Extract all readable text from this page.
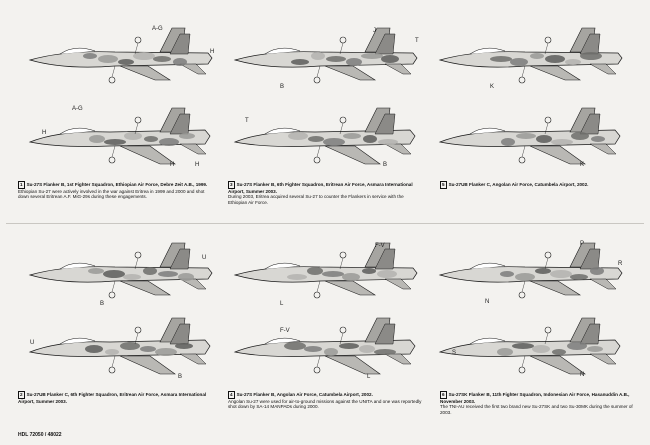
A-G
H
A-G
H
H	H
J
T
B
T
B
K
K
U
B
U
B
F-V
L
F-V
L
P
R
N
S
N
1 Su-27S Flanker B, 1st Fighter Squadron, Ethiopian Air Force, Debre Zeit A.B., 1999.
Ethiopian Su-27 were actively involved in the war against Eritrea in 1999 and 2000 and shot down several Eritrean A.F. MiG-29s during these engagements.
3 Su-27S Flanker B, 6th Fighter Squadron, Eritrean Air Force, Asmara International Airport, Summer 2003.
During 2003, Eritrea acquired several Su-27 to counter the Flankers in service with the Ethiopian Air Force.
5 Su-27UB Flanker C, Angolan Air Force, Catumbela Airport, 2002.
2 Su-27UB Flanker C, 6th Fighter Squadron, Eritrean Air Force, Asmara International Airport, Summer 2003.
4 Su-27S Flanker B, Angolan Air Force, Catumbela Airport, 2002.
Angolan Su-27 were used for air-to-ground missions against the UNITA and one was reportedly shot down by SA-14 MANPADs during 2000.
6 Su-27SK Flanker B, 11th Fighter Squadron, Indonesian Air Force, Hasanuddin A.B., November 2003.
The TNI-AU received the first two brand new Su-27SK and two Su-30MK during the summer of 2003.
HDL 72050 / 48022
